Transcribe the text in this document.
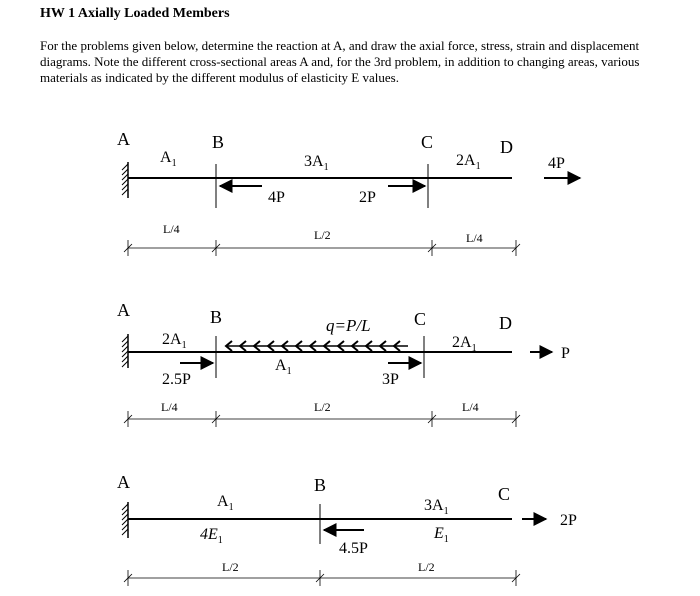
HW 1 Axially Loaded Members
For the problems given below, determine the reaction at A, and draw the axial force, stress, strain and displacement diagrams. Note the different cross-sectional areas A and, for the 3rd problem, in addition to changing areas, various materials as indicated by the different modulus of elasticity E values.
A	B	C	D
$A_1$	$3A_1$	$2A_1$
4P	2P
4P
L/4	L/2	L/4
A	B	C	D
$2A_1$
$A_1$
$2A_1$
q=P/L
2.5P	3P
P
L/4	L/2	L/4
A	B	C
$A_1$	$3A_1$
$4E_1$	$E_1$
4.5P
2P
L/2	L/2
